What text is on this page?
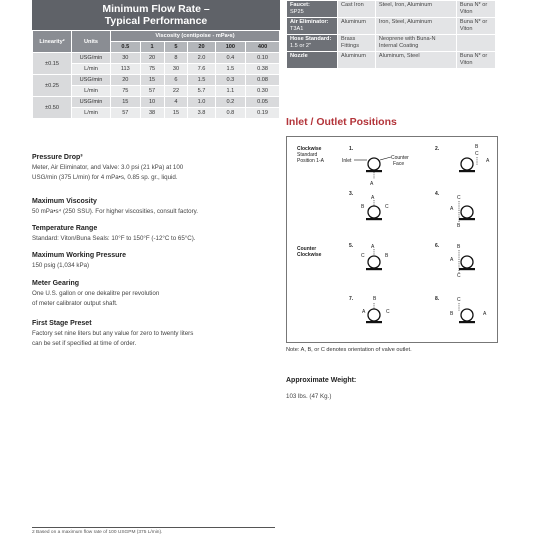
Minimum Flow Rate –
Typical Performance
Linearity²	Units	Viscosity (centipoise - mPa•s)					
		0.5	1	5	20	100	400
±0.15	USG/min	30	20	8	2.0	0.4	0.10
	L/min	113	75	30	7.6	1.5	0.38
±0.25	USG/min	20	15	6	1.5	0.3	0.08
	L/min	75	57	22	5.7	1.1	0.30
±0.50	USG/min	15	10	4	1.0	0.2	0.05
	L/min	57	38	15	3.8	0.8	0.19
Pressure Drop³

Meter, Air Eliminator, and Valve: 3.0 psi (21 kPa) at 100
USG/min (375 L/min) for 4 mPa•s, 0.85 sp. gr., liquid.

Maximum Viscosity

50 mPa•s⁴ (250 SSU). For higher viscosities, consult factory.

Temperature Range

Standard: Viton/Buna Seals: 10°F to 150°F (-12°C to 65°C).

Maximum Working Pressure

150 psig (1,034 kPa)

Meter Gearing

One U.S. gallon or one dekalitre per revolution
of meter calibrator output shaft.

First Stage Preset

Factory set nine liters but any value for zero to twenty liters
can be set if specified at time of order.

Faucet:
SP25	Cast Iron	Steel, Iron, Aluminum	Buna N* or Viton
Air Eliminator:
T3A1	Aluminum	Iron, Steel, Aluminum	Buna N* or Viton
Hose Standard:
1.5 or 2"	Brass Fittings	Neoprene with Buna-N Internal Coating	
Nozzle	Aluminum	Aluminum, Steel	Buna N* or Viton
Inlet / Outlet Positions
Clockwise
Standard
Position 1-A
1.
Inlet	Counter
Face
A
2.	B
C
A
3.
A
B	C
4.
C
A
B
Counter
Clockwise
5.	A
C	B
6.	B
A
C
7.	B
A	C
8.	C
B	A
Note: A, B, or C denotes orientation of valve outlet.
Approximate Weight:
103 lbs. (47 Kg.)
2 Based on a maximum flow rate of 100 USGPM (375 L/min).
